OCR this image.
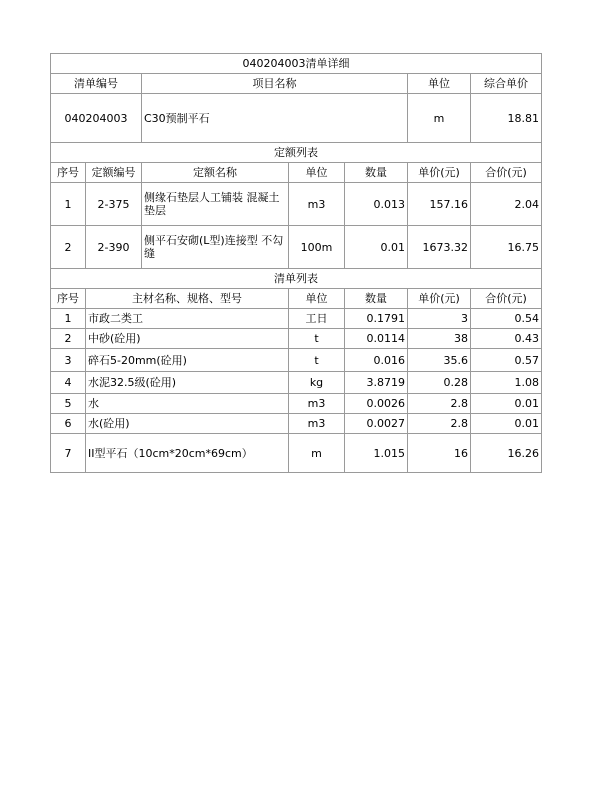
040204003清单详细						
清单编号		项目名称			单位	综合单价
040204003		C30预制平石			m	18.81
定额列表						
序号	定额编号	定额名称	单位	数量	单价(元)	合价(元)
1	2-375	侧缘石垫层人工铺装 混凝土垫层	m3	0.013	157.16	2.04
2	2-390	侧平石安砌(L型)连接型 不勾缝	100m	0.01	1673.32	16.75
清单列表						
序号	主材名称、规格、型号		单位	数量	单价(元)	合价(元)
1	市政二类工		工日	0.1791	3	0.54
2	中砂(砼用)		t	0.0114	38	0.43
3	碎石5-20mm(砼用)		t	0.016	35.6	0.57
4	水泥32.5级(砼用)		kg	3.8719	0.28	1.08
5	水		m3	0.0026	2.8	0.01
6	水(砼用)		m3	0.0027	2.8	0.01
7	II型平石（10cm*20cm*69cm）		m	1.015	16	16.26
